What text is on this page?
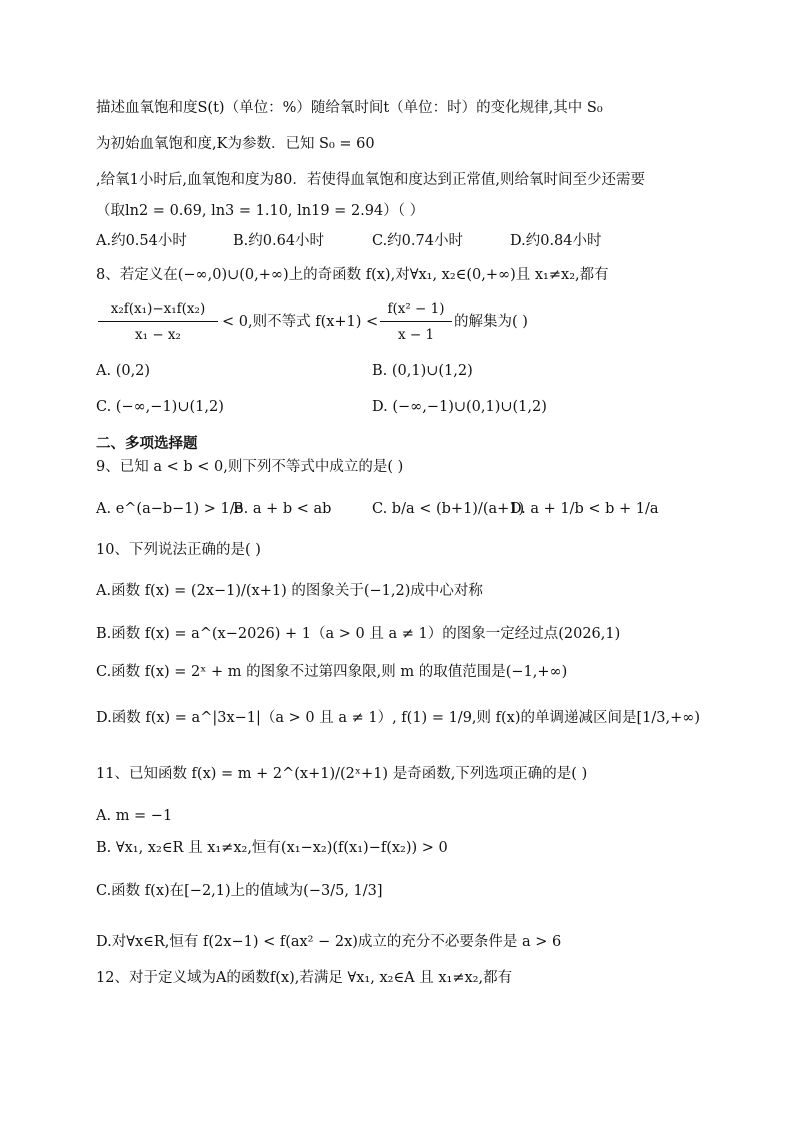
描述血氧饱和度S(t)（单位：%）随给氧时间t（单位：时）的变化规律,其中 S₀
为初始血氧饱和度,K为参数．已知 S₀ = 60
,给氧1小时后,血氧饱和度为80．若使得血氧饱和度达到正常值,则给氧时间至少还需要
（取ln2 = 0.69, ln3 = 1.10, ln19 = 2.94）（ ）
A.约0.54小时	B.约0.64小时	C.约0.74小时	D.约0.84小时
8、若定义在(−∞,0)∪(0,+∞)上的奇函数 f(x),对∀x₁, x₂∈(0,+∞)且 x₁≠x₂,都有
x₂f(x₁)−x₁f(x₂)
x₁ − x₂
< 0,则不等式 f(x+1) <
f(x² − 1)
x − 1
的解集为( )
A. (0,2)	B. (0,1)∪(1,2)
C. (−∞,−1)∪(1,2)	D. (−∞,−1)∪(0,1)∪(1,2)
二、多项选择题
9、已知 a < b < 0,则下列不等式中成立的是( )
A. e^(a−b−1) > 1/e
B. a + b < ab	C. b/a < (b+1)/(a+1)
D. a + 1/b < b + 1/a
10、下列说法正确的是( )
A.函数 f(x) = (2x−1)/(x+1) 的图象关于(−1,2)成中心对称
B.函数 f(x) = a^(x−2026) + 1（a > 0 且 a ≠ 1）的图象一定经过点(2026,1)
C.函数 f(x) = 2ˣ + m 的图象不过第四象限,则 m 的取值范围是(−1,+∞)
D.函数 f(x) = a^|3x−1|（a > 0 且 a ≠ 1）, f(1) = 1/9,则 f(x)的单调递减区间是[1/3,+∞)
11、已知函数 f(x) = m + 2^(x+1)/(2ˣ+1) 是奇函数,下列选项正确的是( )
A. m = −1
B. ∀x₁, x₂∈R 且 x₁≠x₂,恒有(x₁−x₂)(f(x₁)−f(x₂)) > 0
C.函数 f(x)在[−2,1)上的值域为(−3/5, 1/3]
D.对∀x∈R,恒有 f(2x−1) < f(ax² − 2x)成立的充分不必要条件是 a > 6
12、对于定义域为A的函数f(x),若满足 ∀x₁, x₂∈A 且 x₁≠x₂,都有
